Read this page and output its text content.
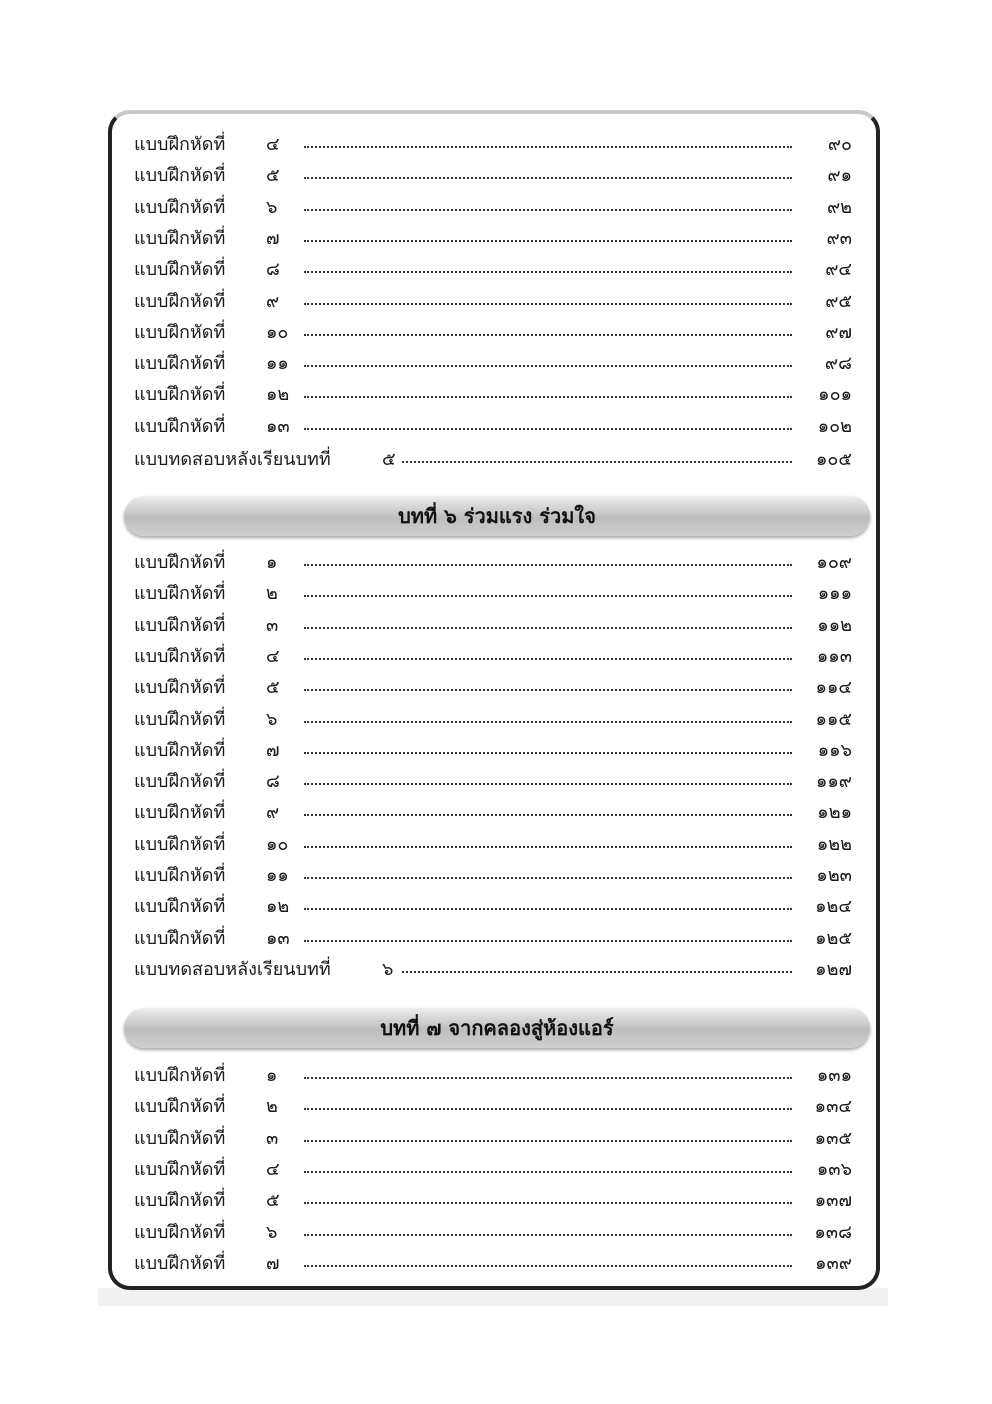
บทที่ ๖ ร่วมแรง ร่วมใจ
บทที่ ๗ จากคลองสู่ห้องแอร์
แบบฝึกหัดที่ ๔	๙๐
แบบฝึกหัดที่ ๕	๙๑
แบบฝึกหัดที่ ๖	๙๒
แบบฝึกหัดที่ ๗	๙๓
แบบฝึกหัดที่ ๘	๙๔
แบบฝึกหัดที่ ๙	๙๕
แบบฝึกหัดที่ ๑๐	๙๗
แบบฝึกหัดที่ ๑๑	๙๘
แบบฝึกหัดที่ ๑๒	๑๐๑
แบบฝึกหัดที่ ๑๓	๑๐๒
แบบทดสอบหลังเรียนบทที่	๕	๑๐๕
แบบฝึกหัดที่ ๑	๑๐๙
แบบฝึกหัดที่ ๒	๑๑๑
แบบฝึกหัดที่ ๓	๑๑๒
แบบฝึกหัดที่ ๔	๑๑๓
แบบฝึกหัดที่ ๕	๑๑๔
แบบฝึกหัดที่ ๖	๑๑๕
แบบฝึกหัดที่ ๗	๑๑๖
แบบฝึกหัดที่ ๘	๑๑๙
แบบฝึกหัดที่ ๙	๑๒๑
แบบฝึกหัดที่ ๑๐	๑๒๒
แบบฝึกหัดที่ ๑๑	๑๒๓
แบบฝึกหัดที่ ๑๒	๑๒๔
แบบฝึกหัดที่ ๑๓	๑๒๕
แบบทดสอบหลังเรียนบทที่	๖	๑๒๗
แบบฝึกหัดที่ ๑	๑๓๑
แบบฝึกหัดที่ ๒	๑๓๔
แบบฝึกหัดที่ ๓	๑๓๕
แบบฝึกหัดที่ ๔	๑๓๖
แบบฝึกหัดที่ ๕	๑๓๗
แบบฝึกหัดที่ ๖	๑๓๘
แบบฝึกหัดที่ ๗	๑๓๙
